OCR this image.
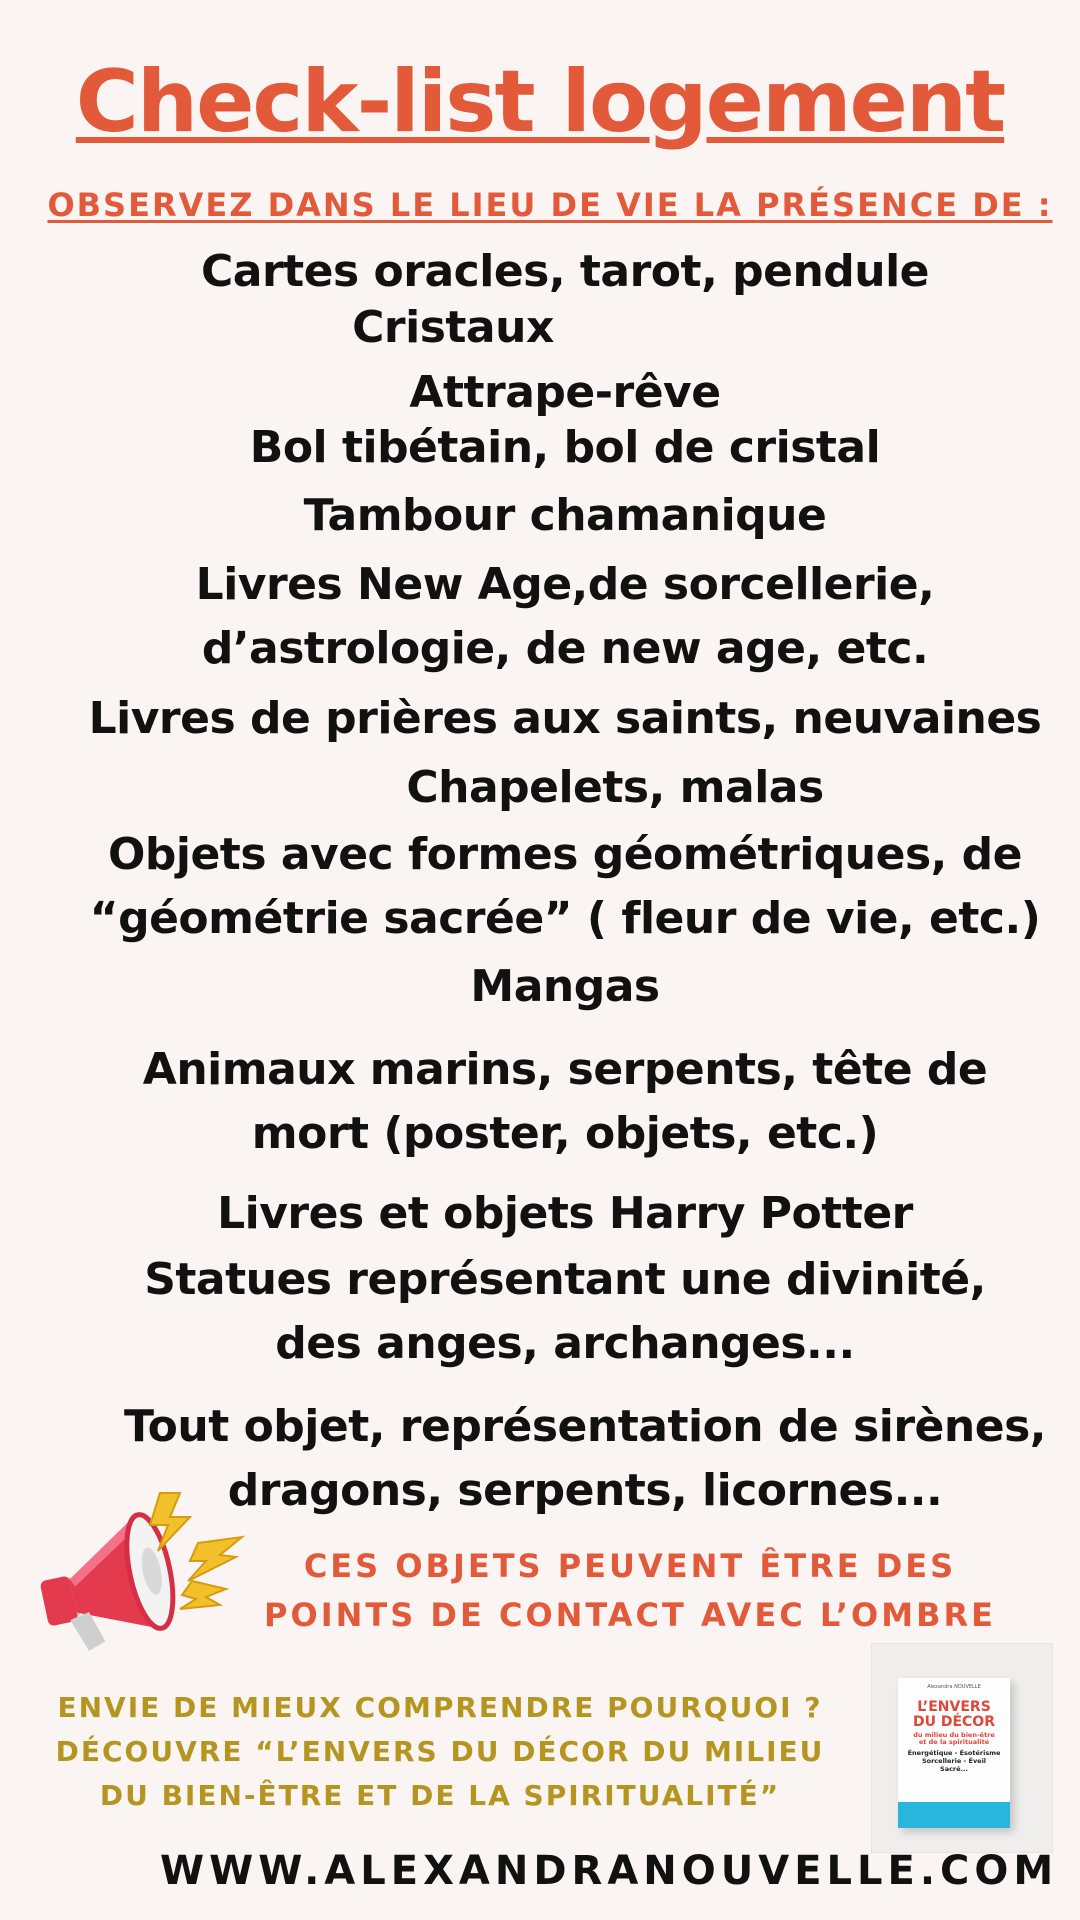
Check-list logement
OBSERVEZ DANS LE LIEU DE VIE LA PRÉSENCE DE :
Cartes oracles, tarot, pendule
Cristaux
Attrape-rêve
Bol tibétain, bol de cristal
Tambour chamanique
Livres New Age,de sorcellerie,
d’astrologie, de new age, etc.
Livres de prières aux saints, neuvaines
Chapelets, malas
Objets avec formes géométriques, de
“géométrie sacrée” ( fleur de vie, etc.)
Mangas
Animaux marins, serpents, tête de
mort (poster, objets, etc.)
Livres et objets Harry Potter
Statues représentant une divinité,
des anges, archanges...
Tout objet, représentation de sirènes,
dragons, serpents, licornes...
CES OBJETS PEUVENT ÊTRE DES
POINTS DE CONTACT AVEC L’OMBRE
ENVIE DE MIEUX COMPRENDRE POURQUOI ?
DÉCOUVRE “L’ENVERS DU DÉCOR DU MILIEU
DU BIEN-ÊTRE ET DE LA SPIRITUALITÉ”
Alexandra NOUVELLE
L’ENVERS
DU DÉCOR
du milieu du bien-être
et de la spiritualité
Énergétique - Ésotérisme
Sorcellerie - Éveil
Sacré...
WWW.ALEXANDRANOUVELLE.COM
